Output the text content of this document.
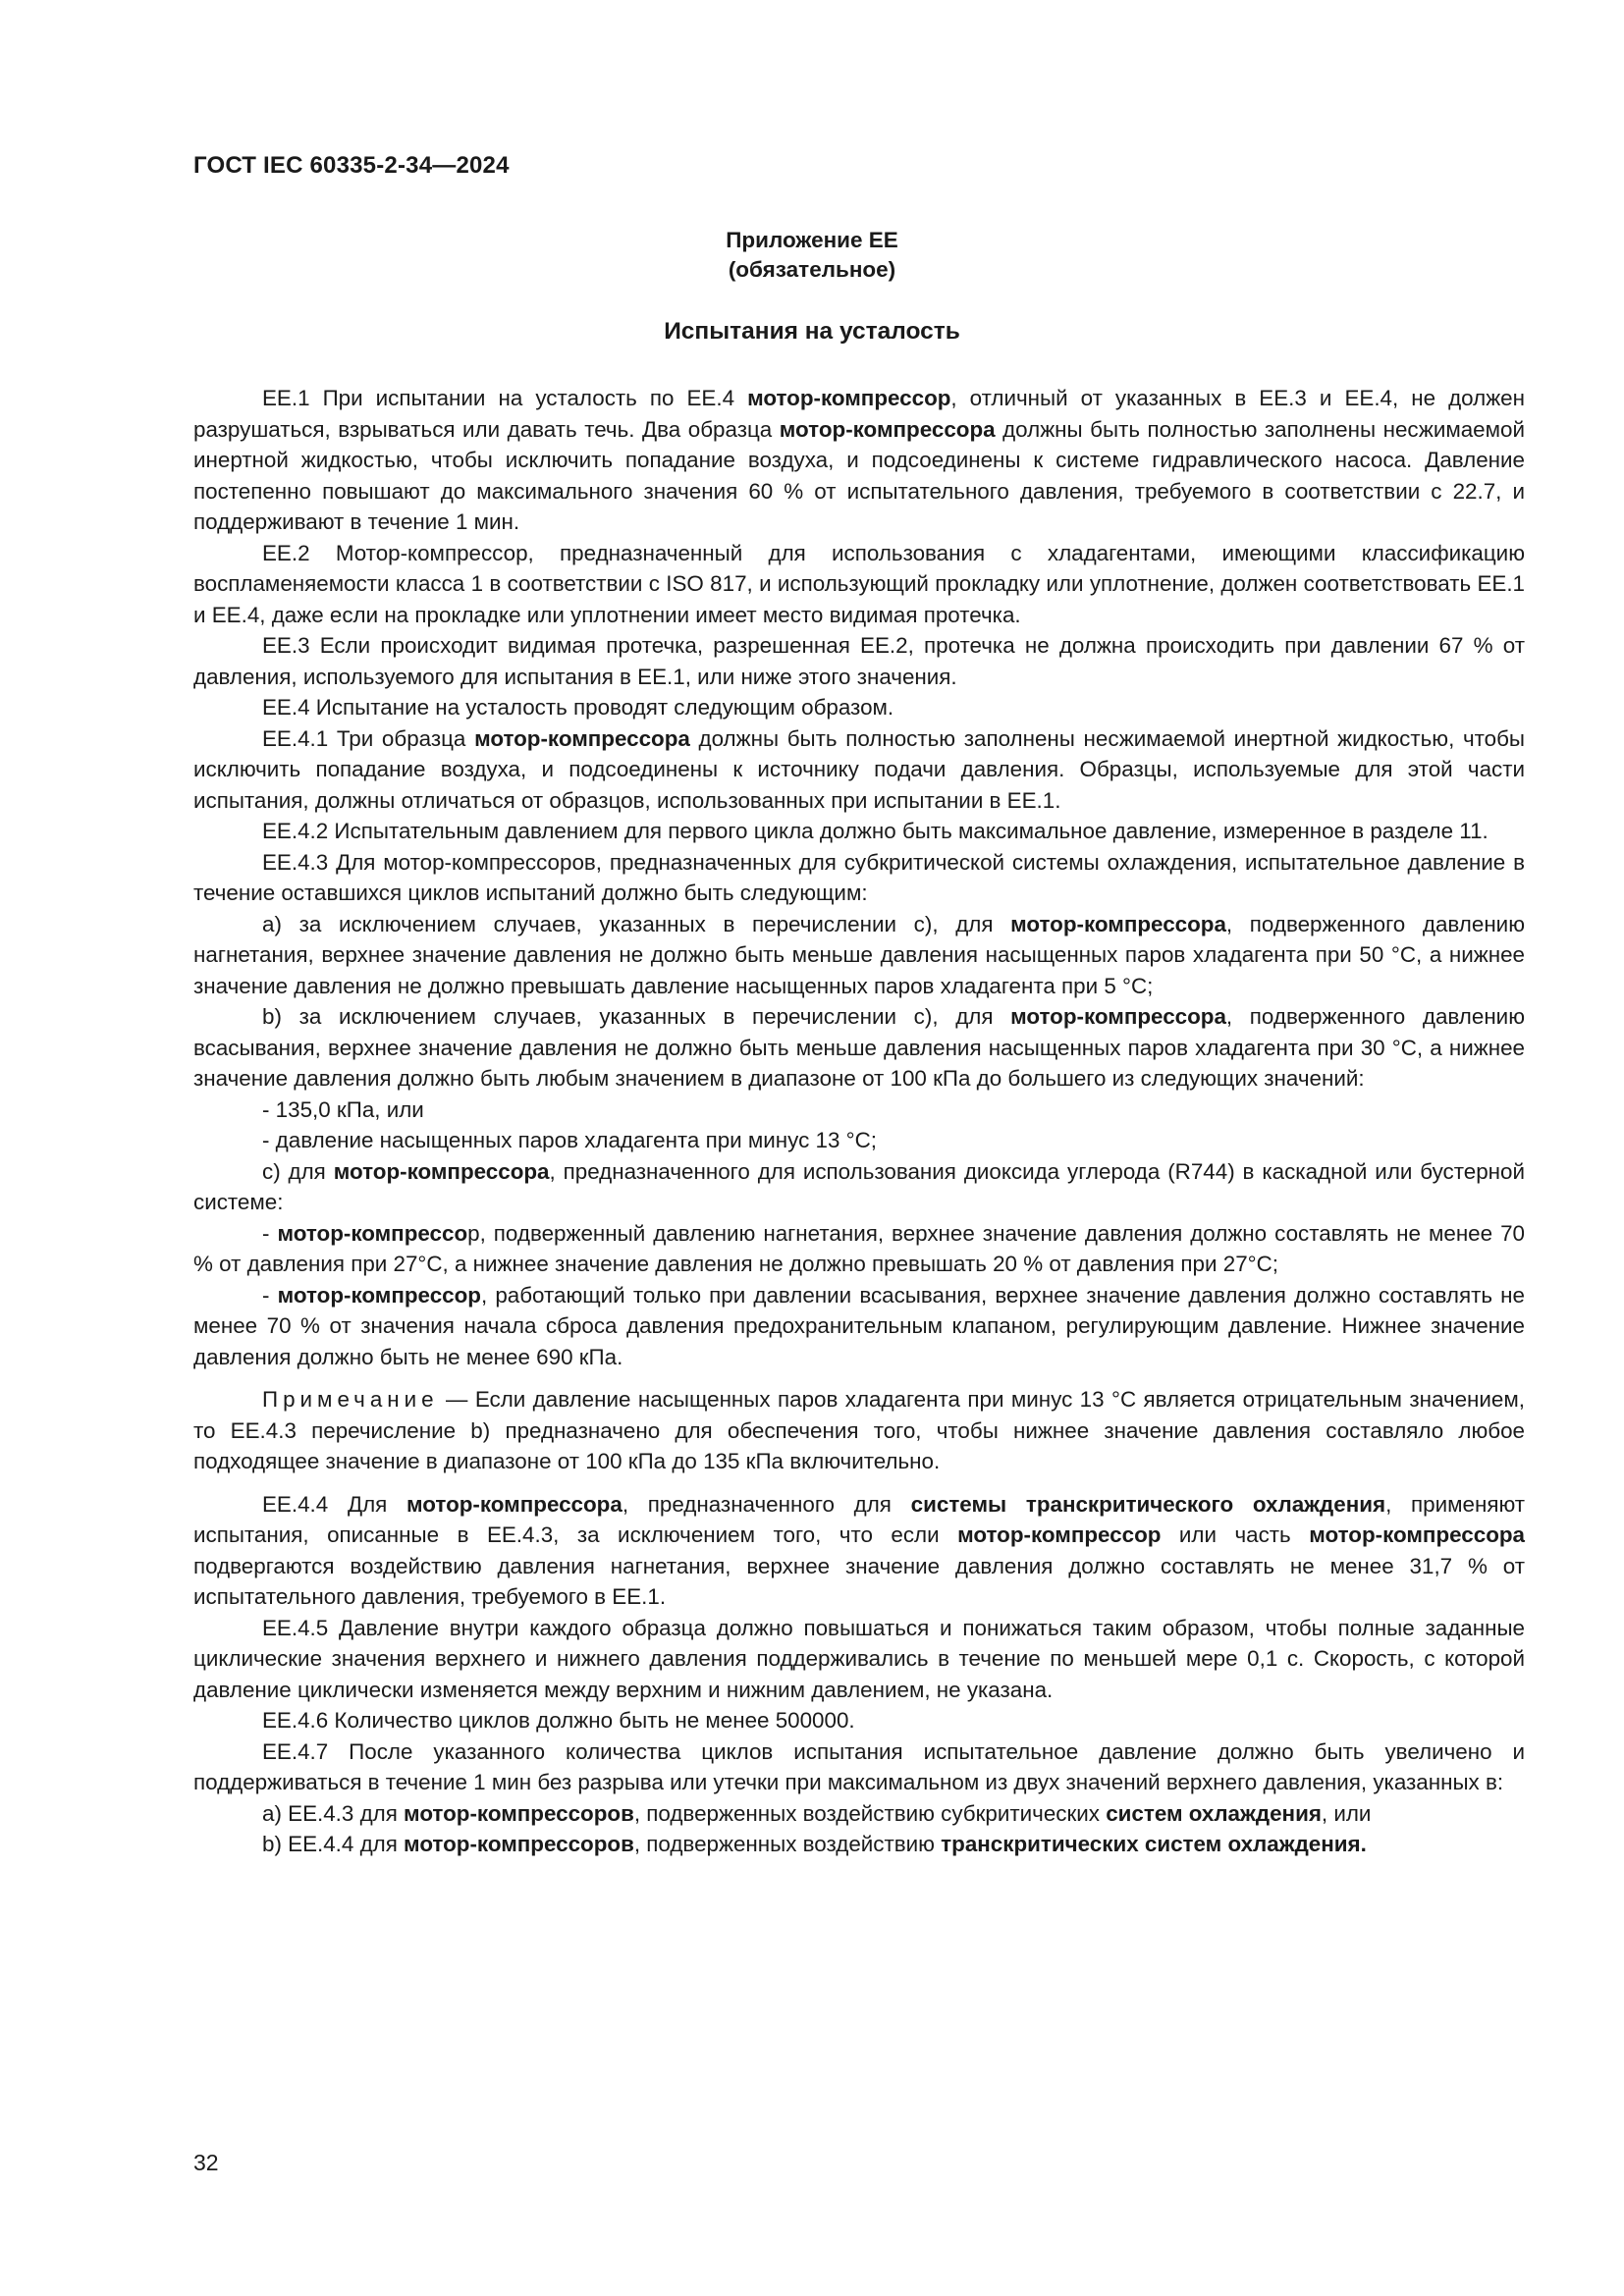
ГОСТ IEC 60335-2-34—2024
Приложение ЕЕ
(обязательное)
Испытания на усталость

ЕЕ.1 При испытании на усталость по ЕЕ.4 мотор-компрессор, отличный от указанных в ЕЕ.3 и ЕЕ.4, не должен разрушаться, взрываться или давать течь. Два образца мотор-компрессора должны быть полностью заполнены несжимаемой инертной жидкостью, чтобы исключить попадание воздуха, и подсоединены к системе гидравлического насоса. Давление постепенно повышают до максимального значения 60 % от испытательного давления, требуемого в соответствии с 22.7, и поддерживают в течение 1 мин.

ЕЕ.2 Мотор-компрессор, предназначенный для использования с хладагентами, имеющими классификацию воспламеняемости класса 1 в соответствии с ISO 817, и использующий прокладку или уплотнение, должен соответствовать ЕЕ.1 и ЕЕ.4, даже если на прокладке или уплотнении имеет место видимая протечка.

ЕЕ.3 Если происходит видимая протечка, разрешенная ЕЕ.2, протечка не должна происходить при давлении 67 % от давления, используемого для испытания в ЕЕ.1, или ниже этого значения.

ЕЕ.4 Испытание на усталость проводят следующим образом.

ЕЕ.4.1 Три образца мотор-компрессора должны быть полностью заполнены несжимаемой инертной жидкостью, чтобы исключить попадание воздуха, и подсоединены к источнику подачи давления. Образцы, используемые для этой части испытания, должны отличаться от образцов, использованных при испытании в ЕЕ.1.

ЕЕ.4.2 Испытательным давлением для первого цикла должно быть максимальное давление, измеренное в разделе 11.

ЕЕ.4.3 Для мотор-компрессоров, предназначенных для субкритической системы охлаждения, испытательное давление в течение оставшихся циклов испытаний должно быть следующим:

a) за исключением случаев, указанных в перечислении с), для мотор-компрессора, подверженного давлению нагнетания, верхнее значение давления не должно быть меньше давления насыщенных паров хладагента при 50 °С, а нижнее значение давления не должно превышать давление насыщенных паров хладагента при 5 °С;

b) за исключением случаев, указанных в перечислении с), для мотор-компрессора, подверженного давлению всасывания, верхнее значение давления не должно быть меньше давления насыщенных паров хладагента при 30 °С, а нижнее значение давления должно быть любым значением в диапазоне от 100 кПа до большего из следующих значений:

- 135,0 кПа, или

- давление насыщенных паров хладагента при минус 13 °С;

c) для мотор-компрессора, предназначенного для использования диоксида углерода (R744) в каскадной или бустерной системе:

- мотор-компрессор, подверженный давлению нагнетания, верхнее значение давления должно составлять не менее 70 % от давления при 27°С, а нижнее значение давления не должно превышать 20 % от давления при 27°С;

- мотор-компрессор, работающий только при давлении всасывания, верхнее значение давления должно составлять не менее 70 % от значения начала сброса давления предохранительным клапаном, регулирующим давление. Нижнее значение давления должно быть не менее 690 кПа.

Примечание — Если давление насыщенных паров хладагента при минус 13 °С является отрицательным значением, то ЕЕ.4.3 перечисление b) предназначено для обеспечения того, чтобы нижнее значение давления составляло любое подходящее значение в диапазоне от 100 кПа до 135 кПа включительно.

ЕЕ.4.4 Для мотор-компрессора, предназначенного для системы транскритического охлаждения, применяют испытания, описанные в ЕЕ.4.3, за исключением того, что если мотор-компрессор или часть мотор-компрессора подвергаются воздействию давления нагнетания, верхнее значение давления должно составлять не менее 31,7 % от испытательного давления, требуемого в ЕЕ.1.

ЕЕ.4.5 Давление внутри каждого образца должно повышаться и понижаться таким образом, чтобы полные заданные циклические значения верхнего и нижнего давления поддерживались в течение по меньшей мере 0,1 с. Скорость, с которой давление циклически изменяется между верхним и нижним давлением, не указана.

ЕЕ.4.6 Количество циклов должно быть не менее 500000.

ЕЕ.4.7 После указанного количества циклов испытания испытательное давление должно быть увеличено и поддерживаться в течение 1 мин без разрыва или утечки при максимальном из двух значений верхнего давления, указанных в:

a) ЕЕ.4.3 для мотор-компрессоров, подверженных воздействию субкритических систем охлаждения, или

b) ЕЕ.4.4 для мотор-компрессоров, подверженных воздействию транскритических систем охлаждения.

32
